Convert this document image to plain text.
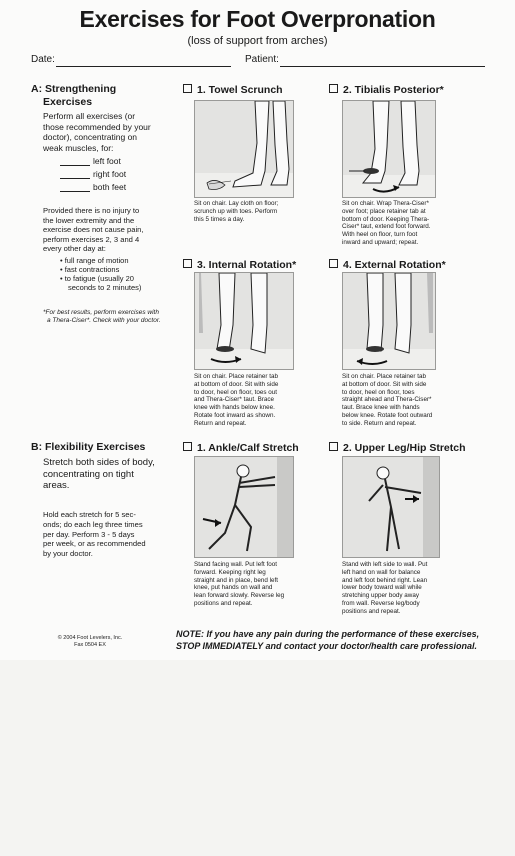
Exercises for Foot Overpronation
(loss of support from arches)
Date:	Patient:
A: Strengthening
Exercises
Perform all exercises (or
those recommended by your
doctor), concentrating on
weak muscles, for:
left foot
right foot
both feet
Provided there is no injury to
the lower extremity and the
exercise does not cause pain,
perform exercises 2, 3 and 4
every other day at:
• full range of motion
• fast contractions
• to fatigue (usually 20
seconds to 2 minutes)
*For best results, perform exercises with
a Thera-Ciser*. Check with your doctor.
B: Flexibility Exercises
Stretch both sides of body,
concentrating on tight
areas.
Hold each stretch for 5 sec-
onds; do each leg three times
per day. Perform 3 - 5 days
per week, or as recommended
by your doctor.
© 2004 Foot Levelers, Inc.
Fax 0504 EX
1. Towel Scrunch
Sit on chair. Lay cloth on floor;
scrunch up with toes. Perform
this 5 times a day.
2. Tibialis Posterior*
Sit on chair. Wrap Thera-Ciser*
over foot; place retainer tab at
bottom of door. Keeping Thera-
Ciser* taut, extend foot forward.
With heel on floor, turn foot
inward and upward; repeat.
3. Internal Rotation*
Sit on chair. Place retainer tab
at bottom of door. Sit with side
to door, heel on floor, toes out
and Thera-Ciser* taut. Brace
knee with hands below knee.
Rotate foot inward as shown.
Return and repeat.
4. External Rotation*
Sit on chair. Place retainer tab
at bottom of door. Sit with side
to door, heel on floor, toes
straight ahead and Thera-Ciser*
taut. Brace knee with hands
below knee. Rotate foot outward
to side. Return and repeat.
1. Ankle/Calf Stretch
Stand facing wall. Put left foot
forward. Keeping right leg
straight and in place, bend left
knee, put hands on wall and
lean forward slowly. Reverse leg
positions and repeat.
2. Upper Leg/Hip Stretch
Stand with left side to wall. Put
left hand on wall for balance
and left foot behind right. Lean
lower body toward wall while
stretching upper body away
from wall. Reverse leg/body
positions and repeat.
NOTE: If you have any pain during the performance of these exercises,
STOP IMMEDIATELY and contact your doctor/health care professional.
